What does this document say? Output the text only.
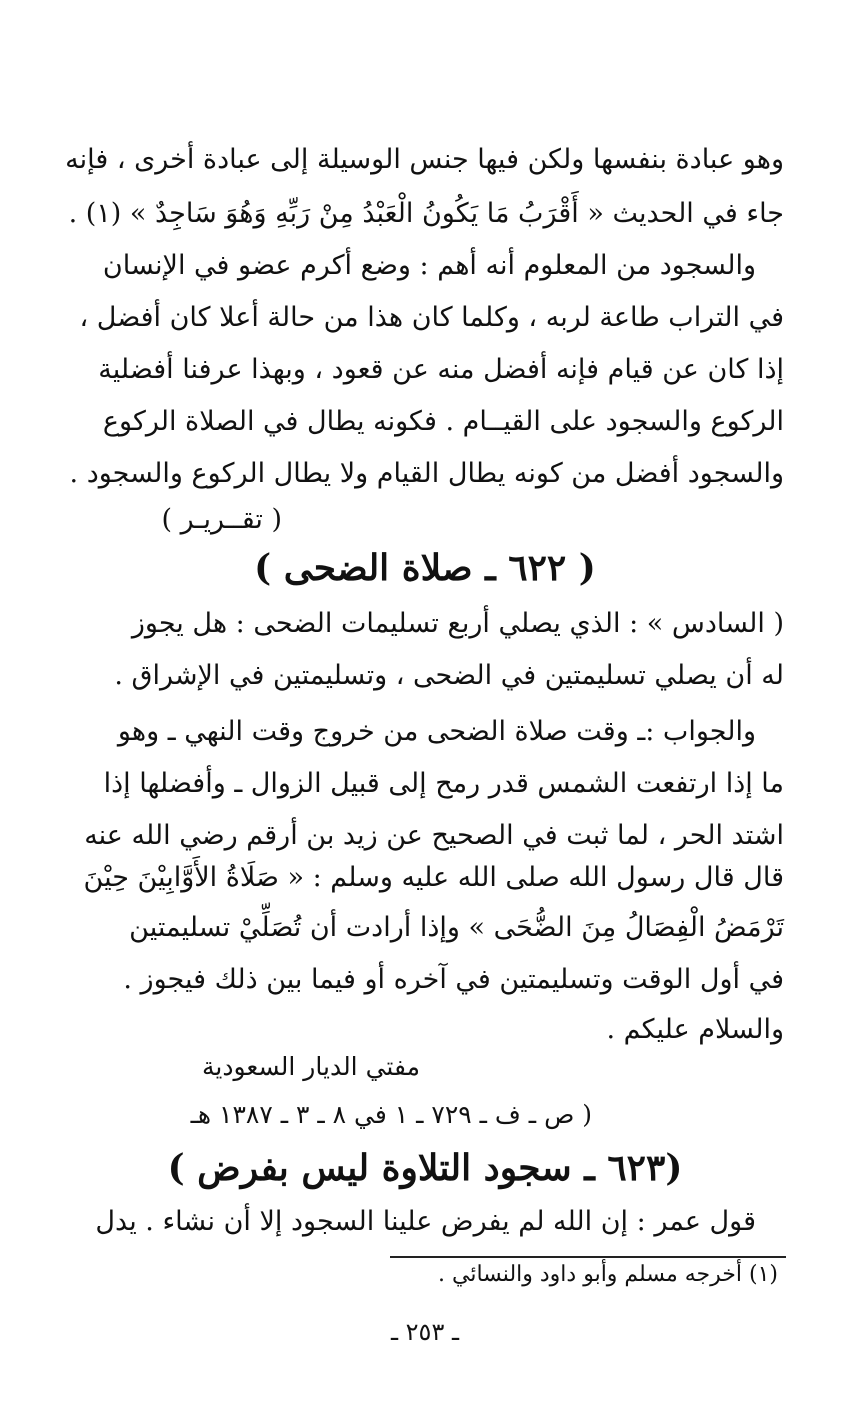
وهو عبادة بنفسها ولكن فيها جنس الوسيلة إلى عبادة أخرى ، فإنه
جاء في الحديث « أَقْرَبُ مَا يَكُونُ الْعَبْدُ مِنْ رَبِّهِ وَهُوَ سَاجِدٌ » (١) .
والسجود من المعلوم أنه أهم : وضع أكرم عضو في الإنسان
في التراب طاعة لربه ، وكلما كان هذا من حالة أعلا كان أفضل ،
إذا كان عن قيام فإنه أفضل منه عن قعود ، وبهذا عرفنا أفضلية
الركوع والسجود على القيــام . فكونه يطال في الصلاة الركوع
والسجود أفضل من كونه يطال القيام ولا يطال الركوع والسجود .
( تقــريـر )
( ٦٢٢ ـ صلاة الضحى )
( السادس » : الذي يصلي أربع تسليمات الضحى : هل يجوز
له أن يصلي تسليمتين في الضحى ، وتسليمتين في الإشراق .
والجواب :ـ وقت صلاة الضحى من خروج وقت النهي ـ وهو
ما إذا ارتفعت الشمس قدر رمح إلى قبيل الزوال ـ وأفضلها إذا
اشتد الحر ، لما ثبت في الصحيح عن زيد بن أرقم رضي الله عنه
قال قال رسول الله صلى الله عليه وسلم : « صَلَاةُ الأَوَّابِيْنَ حِيْنَ
تَرْمَضُ الْفِصَالُ مِنَ الضُّحَى » وإذا أرادت أن تُصَلِّيْ تسليمتين
في أول الوقت وتسليمتين في آخره أو فيما بين ذلك فيجوز .
والسلام عليكم .
مفتي الديار السعودية
( ص ـ ف ـ ٧٢٩ ـ ١ في ٨ ـ ٣ ـ ١٣٨٧ هـ
(٦٢٣ ـ سجود التلاوة ليس بفرض )
قول عمر : إن الله لم يفرض علينا السجود إلا أن نشاء . يدل
(١) أخرجه مسلم وأبو داود والنسائي .
ـ ٢٥٣ ـ
